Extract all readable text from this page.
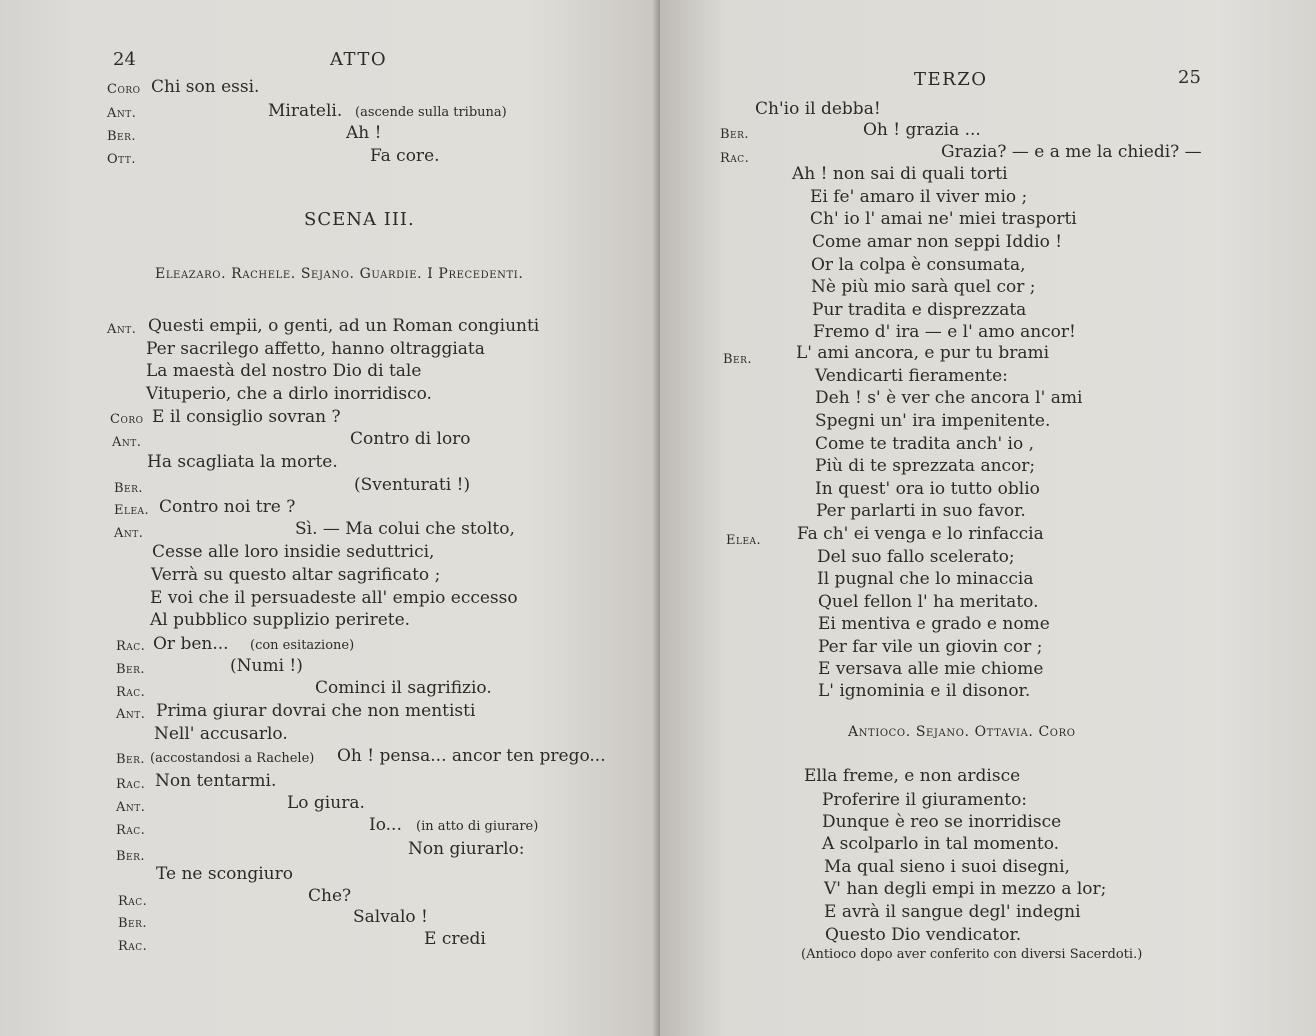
24	ATTO
Coro Chi son essi.
Ant.	Mirateli. (ascende sulla tribuna)
Ber.	Ah !
Ott.	Fa core.
SCENA III.
Eleazaro. Rachele. Sejano. Guardie. I Precedenti.
Ant. Questi empii, o genti, ad un Roman congiunti
Per sacrilego affetto, hanno oltraggiata
La maestà del nostro Dio di tale
Vituperio, che a dirlo inorridisco.
Coro E il consiglio sovran ?
Ant.	Contro di loro
Ha scagliata la morte.
Ber.	(Sventurati !)
Elea. Contro noi tre ?
Ant.	Sì. — Ma colui che stolto,
Cesse alle loro insidie seduttrici,
Verrà su questo altar sagrificato ;
E voi che il persuadeste all' empio eccesso
Al pubblico supplizio perirete.
Rac. Or ben... (con esitazione)
Ber.	(Numi !)
Rac.	Cominci il sagrifizio.
Ant. Prima giurar dovrai che non mentisti
Nell' accusarlo.
Ber. (accostandosi a Rachele) Oh ! pensa... ancor ten prego...
Rac. Non tentarmi.
Ant.	Lo giura.
Rac.	Io... (in atto di giurare)
Ber.	Non giurarlo:
Te ne scongiuro
Rac.	Che?
Ber.	Salvalo !
Rac.	E credi
TERZO	25
Ch'io il debba!
Ber.	Oh ! grazia ...
Rac.	Grazia? — e a me la chiedi? —
Ah ! non sai di quali torti
Ei fe' amaro il viver mio ;
Ch' io l' amai ne' miei trasporti
Come amar non seppi Iddio !
Or la colpa è consumata,
Nè più mio sarà quel cor ;
Pur tradita e disprezzata
Fremo d' ira — e l' amo ancor!
Ber.	L' ami ancora, e pur tu brami
Vendicarti fieramente:
Deh ! s' è ver che ancora l' ami
Spegni un' ira impenitente.
Come te tradita anch' io ,
Più di te sprezzata ancor;
In quest' ora io tutto oblio
Per parlarti in suo favor.
Elea. Fa ch' ei venga e lo rinfaccia
Del suo fallo scelerato;
Il pugnal che lo minaccia
Quel fellon l' ha meritato.
Ei mentiva e grado e nome
Per far vile un giovin cor ;
E versava alle mie chiome
L' ignominia e il disonor.
Antioco. Sejano. Ottavia. Coro
Ella freme, e non ardisce
Proferire il giuramento:
Dunque è reo se inorridisce
A scolparlo in tal momento.
Ma qual sieno i suoi disegni,
V' han degli empi in mezzo a lor;
E avrà il sangue degl' indegni
Questo Dio vendicator.
(Antioco dopo aver conferito con diversi Sacerdoti.)
